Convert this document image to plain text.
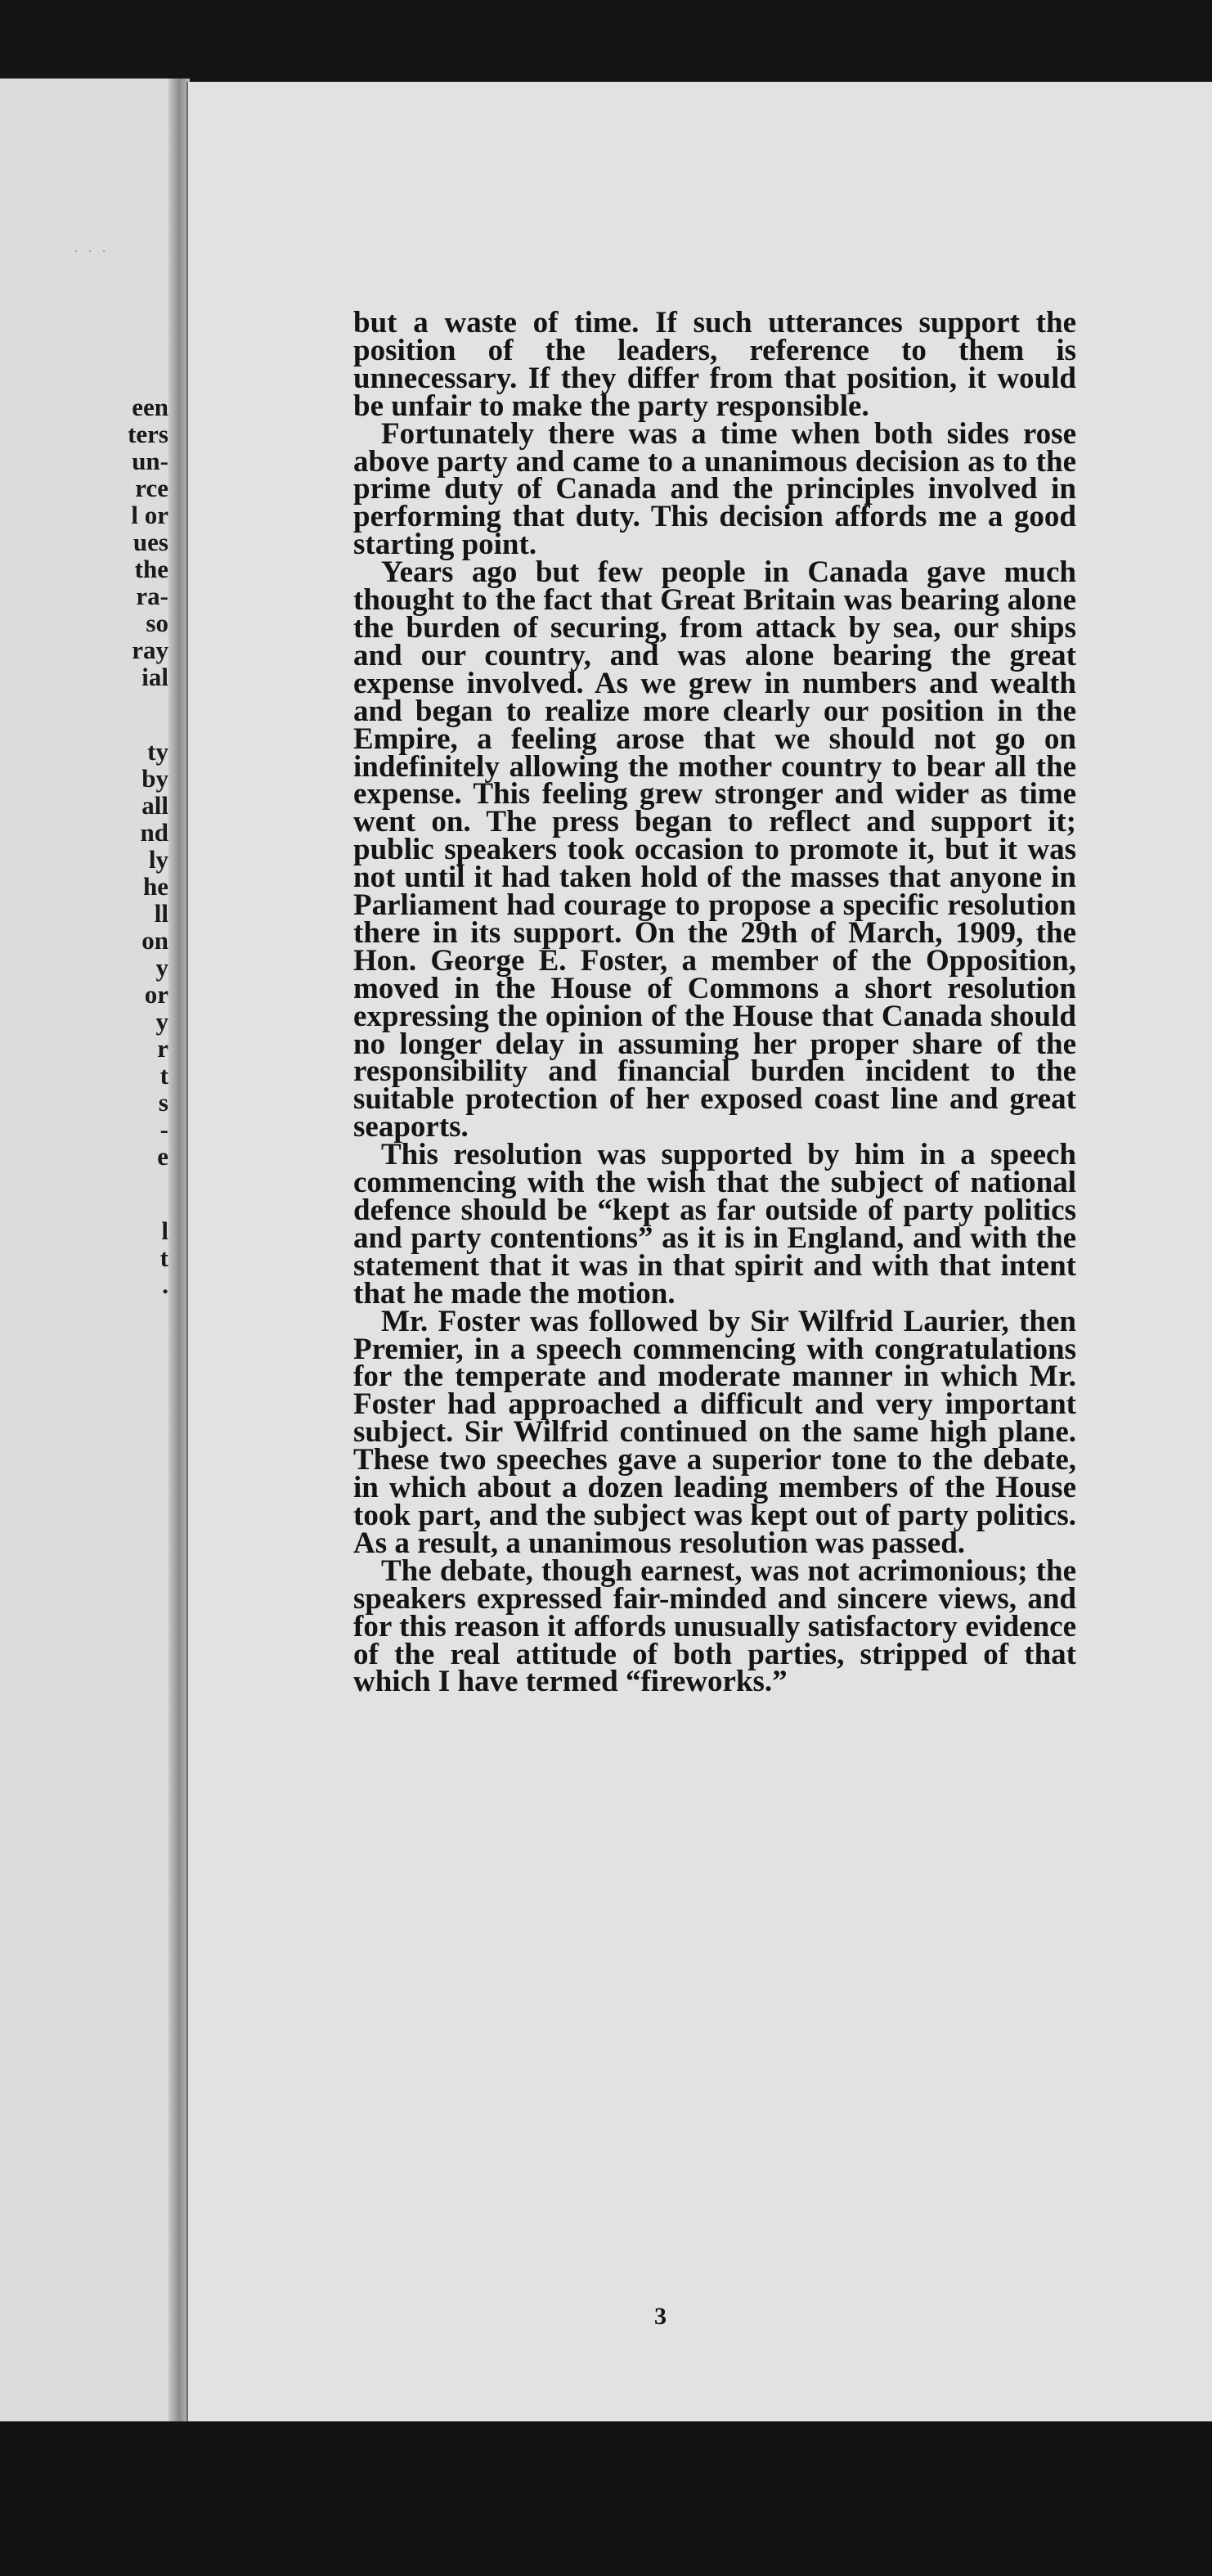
· · ·
een
ters
un-
rce
l or
ues
the
ra-
so
ray
ial
ty
by
all
nd
ly
he
ll
on
y
or
y
r
t
s
-
e
l
t
.

but a waste of time. If such utterances support the position of the leaders, reference to them is unnecessary. If they differ from that position, it would be unfair to make the party responsible.

Fortunately there was a time when both sides rose above party and came to a unanimous decision as to the prime duty of Canada and the principles involved in performing that duty. This decision affords me a good starting point.

Years ago but few people in Canada gave much thought to the fact that Great Britain was bearing alone the burden of securing, from attack by sea, our ships and our country, and was alone bearing the great expense involved. As we grew in numbers and wealth and began to realize more clearly our position in the Empire, a feeling arose that we should not go on indefinitely allowing the mother country to bear all the expense. This feeling grew stronger and wider as time went on. The press began to reflect and support it; public speakers took occasion to promote it, but it was not until it had taken hold of the masses that anyone in Parliament had courage to propose a specific resolution there in its support. On the 29th of March, 1909, the Hon. George E. Foster, a member of the Opposition, moved in the House of Commons a short resolution expressing the opinion of the House that Canada should no longer delay in assuming her proper share of the responsibility and financial burden incident to the suitable protection of her exposed coast line and great seaports.

This resolution was supported by him in a speech commencing with the wish that the subject of national defence should be “kept as far outside of party politics and party contentions” as it is in England, and with the statement that it was in that spirit and with that intent that he made the motion.

Mr. Foster was followed by Sir Wilfrid Laurier, then Premier, in a speech commencing with congratulations for the temperate and moderate manner in which Mr. Foster had approached a difficult and very important subject. Sir Wilfrid continued on the same high plane. These two speeches gave a superior tone to the debate, in which about a dozen leading members of the House took part, and the subject was kept out of party politics. As a result, a unanimous resolution was passed.

The debate, though earnest, was not acrimonious; the speakers expressed fair-minded and sincere views, and for this reason it affords unusually satisfactory evidence of the real attitude of both parties, stripped of that which I have termed “fireworks.”

3
